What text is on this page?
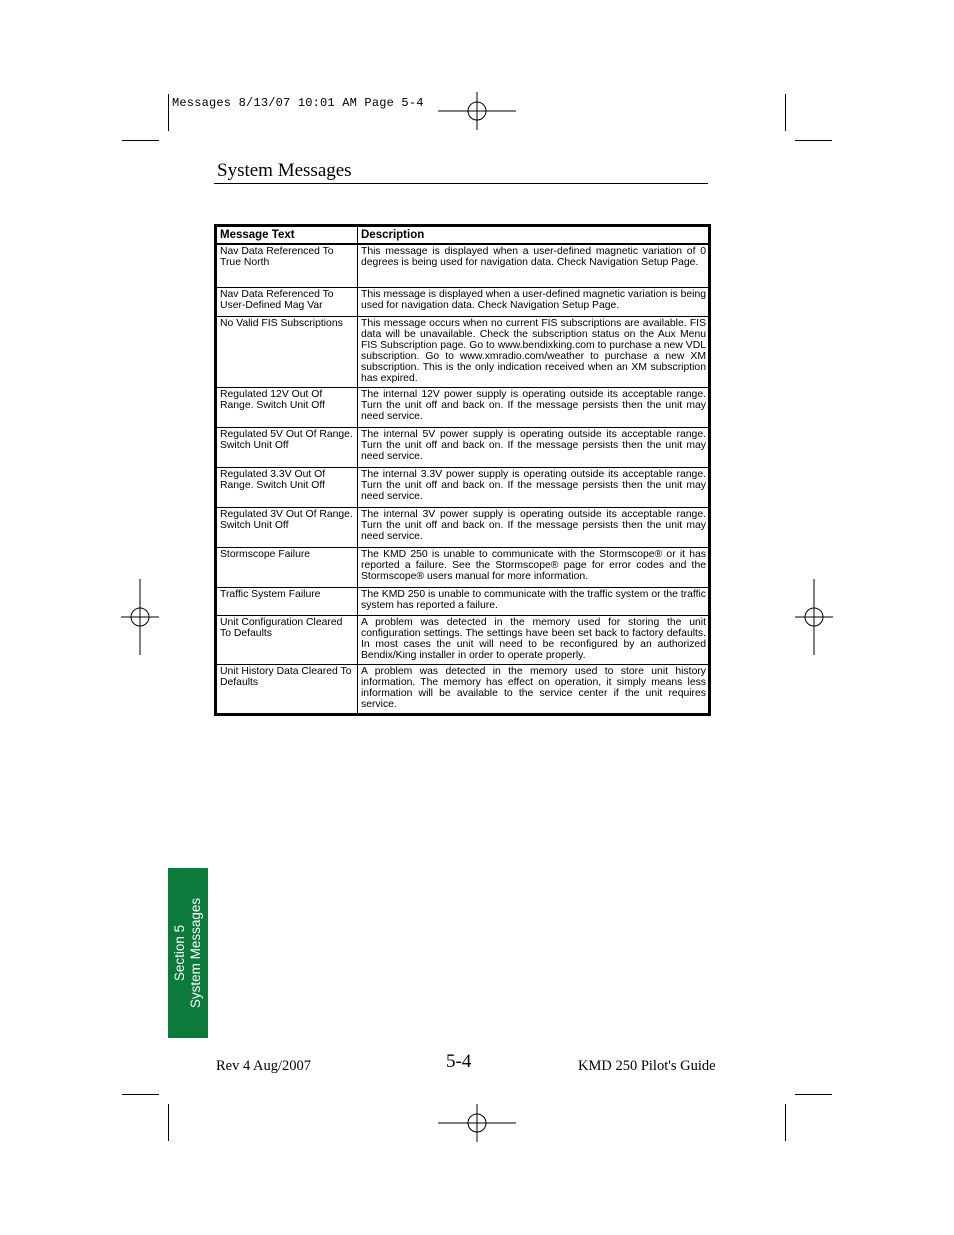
Messages 8/13/07 10:01 AM Page 5-4
System Messages
Message Text	Description
Nav Data Referenced To True North	This message is displayed when a user-defined magnetic variation of 0 degrees is being used for navigation data. Check Navigation Setup Page.
Nav Data Referenced To User-Defined Mag Var	This message is displayed when a user-defined magnetic variation is being used for navigation data. Check Navigation Setup Page.
No Valid FIS Subscriptions	This message occurs when no current FIS subscriptions are available. FIS data will be unavailable. Check the subscription status on the Aux Menu FIS Subscription page. Go to www.bendixking.com to purchase a new VDL subscription. Go to www.xmradio.com/weather to purchase a new XM subscription. This is the only indication received when an XM subscription has expired.
Regulated 12V Out Of Range. Switch Unit Off	The internal 12V power supply is operating outside its acceptable range. Turn the unit off and back on. If the message persists then the unit may need service.
Regulated 5V Out Of Range. Switch Unit Off	The internal 5V power supply is operating outside its acceptable range. Turn the unit off and back on. If the message persists then the unit may need service.
Regulated 3.3V Out Of Range. Switch Unit Off	The internal 3.3V power supply is operating outside its acceptable range. Turn the unit off and back on. If the message persists then the unit may need service.
Regulated 3V Out Of Range. Switch Unit Off	The internal 3V power supply is operating outside its acceptable range. Turn the unit off and back on. If the message persists then the unit may need service.
Stormscope Failure	The KMD 250 is unable to communicate with the Stormscope® or it has reported a failure. See the Stormscope® page for error codes and the Stormscope® users manual for more information.
Traffic System Failure	The KMD 250 is unable to communicate with the traffic system or the traffic system has reported a failure.
Unit Configuration Cleared To Defaults	A problem was detected in the memory used for storing the unit configuration settings. The settings have been set back to factory defaults. In most cases the unit will need to be reconfigured by an authorized Bendix/King installer in order to operate properly.
Unit History Data Cleared To Defaults	A problem was detected in the memory used to store unit history information. The memory has effect on operation, it simply means less information will be available to the service center if the unit requires service.
Section 5 System Messages
Rev 4 Aug/2007	5-4	KMD 250 Pilot's Guide
